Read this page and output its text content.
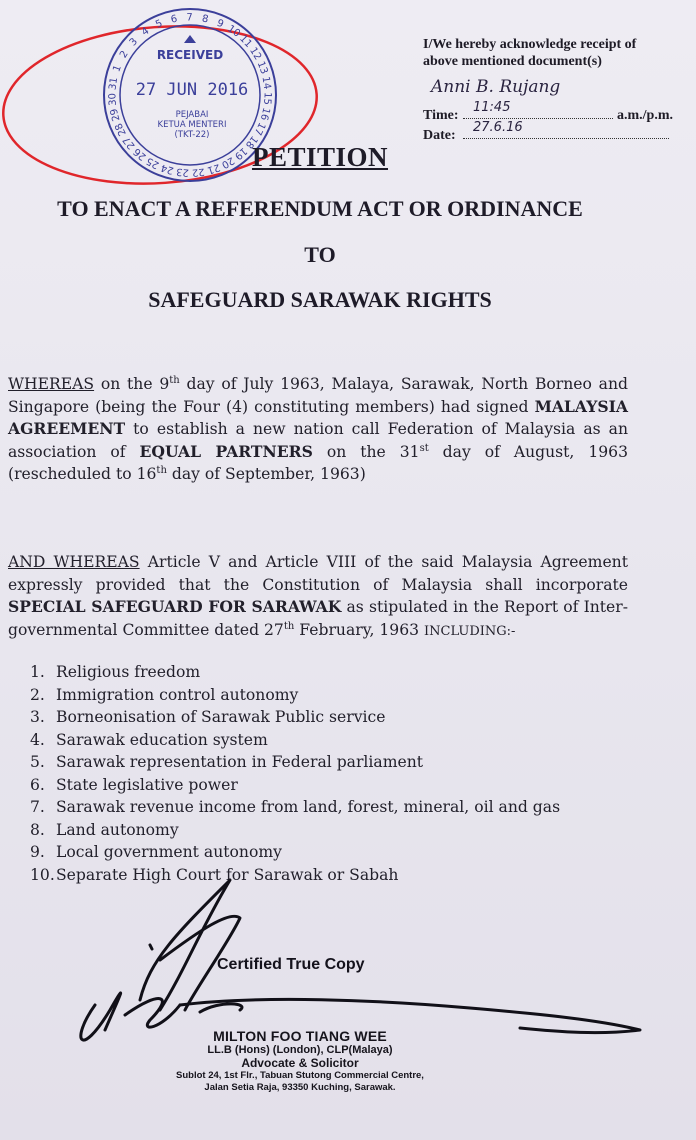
1
2
3
4
5 6 7 8 9 10
11
12
13
14
15
16
17
18
19
20
21
22
23
24
25
26
27
28
29
30
31
RECEIVED
27 JUN 2016
PEJABAI
KETUA MENTERI
(TKT-22)
I/We hereby acknowledge receipt of above mentioned document(s)
Anni B. Rujang
Time:
11:45
a.m./p.m.
Date:
27.6.16
PETITION
TO ENACT A REFERENDUM ACT OR ORDINANCE
TO
SAFEGUARD SARAWAK RIGHTS
WHEREAS on the 9th day of July 1963, Malaya, Sarawak, North Borneo and Singapore (being the Four (4) constituting members) had signed MALAYSIA AGREEMENT to establish a new nation call Federation of Malaysia as an association of EQUAL PARTNERS on the 31st day of August, 1963 (rescheduled to 16th day of September, 1963)
AND WHEREAS Article V and Article VIII of the said Malaysia Agreement expressly provided that the Constitution of Malaysia shall incorporate SPECIAL SAFEGUARD FOR SARAWAK as stipulated in the Report of Inter-governmental Committee dated 27th February, 1963 INCLUDING:-
1. Religious freedom
2. Immigration control autonomy
3. Borneonisation of Sarawak Public service
4. Sarawak education system
5. Sarawak representation in Federal parliament
6. State legislative power
7. Sarawak revenue income from land, forest, mineral, oil and gas
8. Land autonomy
9. Local government autonomy
10. Separate High Court for Sarawak or Sabah
Certified True Copy
MILTON FOO TIANG WEE
LL.B (Hons) (London), CLP(Malaya)
Advocate & Solicitor
Sublot 24, 1st Flr., Tabuan Stutong Commercial Centre,
Jalan Setia Raja, 93350 Kuching, Sarawak.
